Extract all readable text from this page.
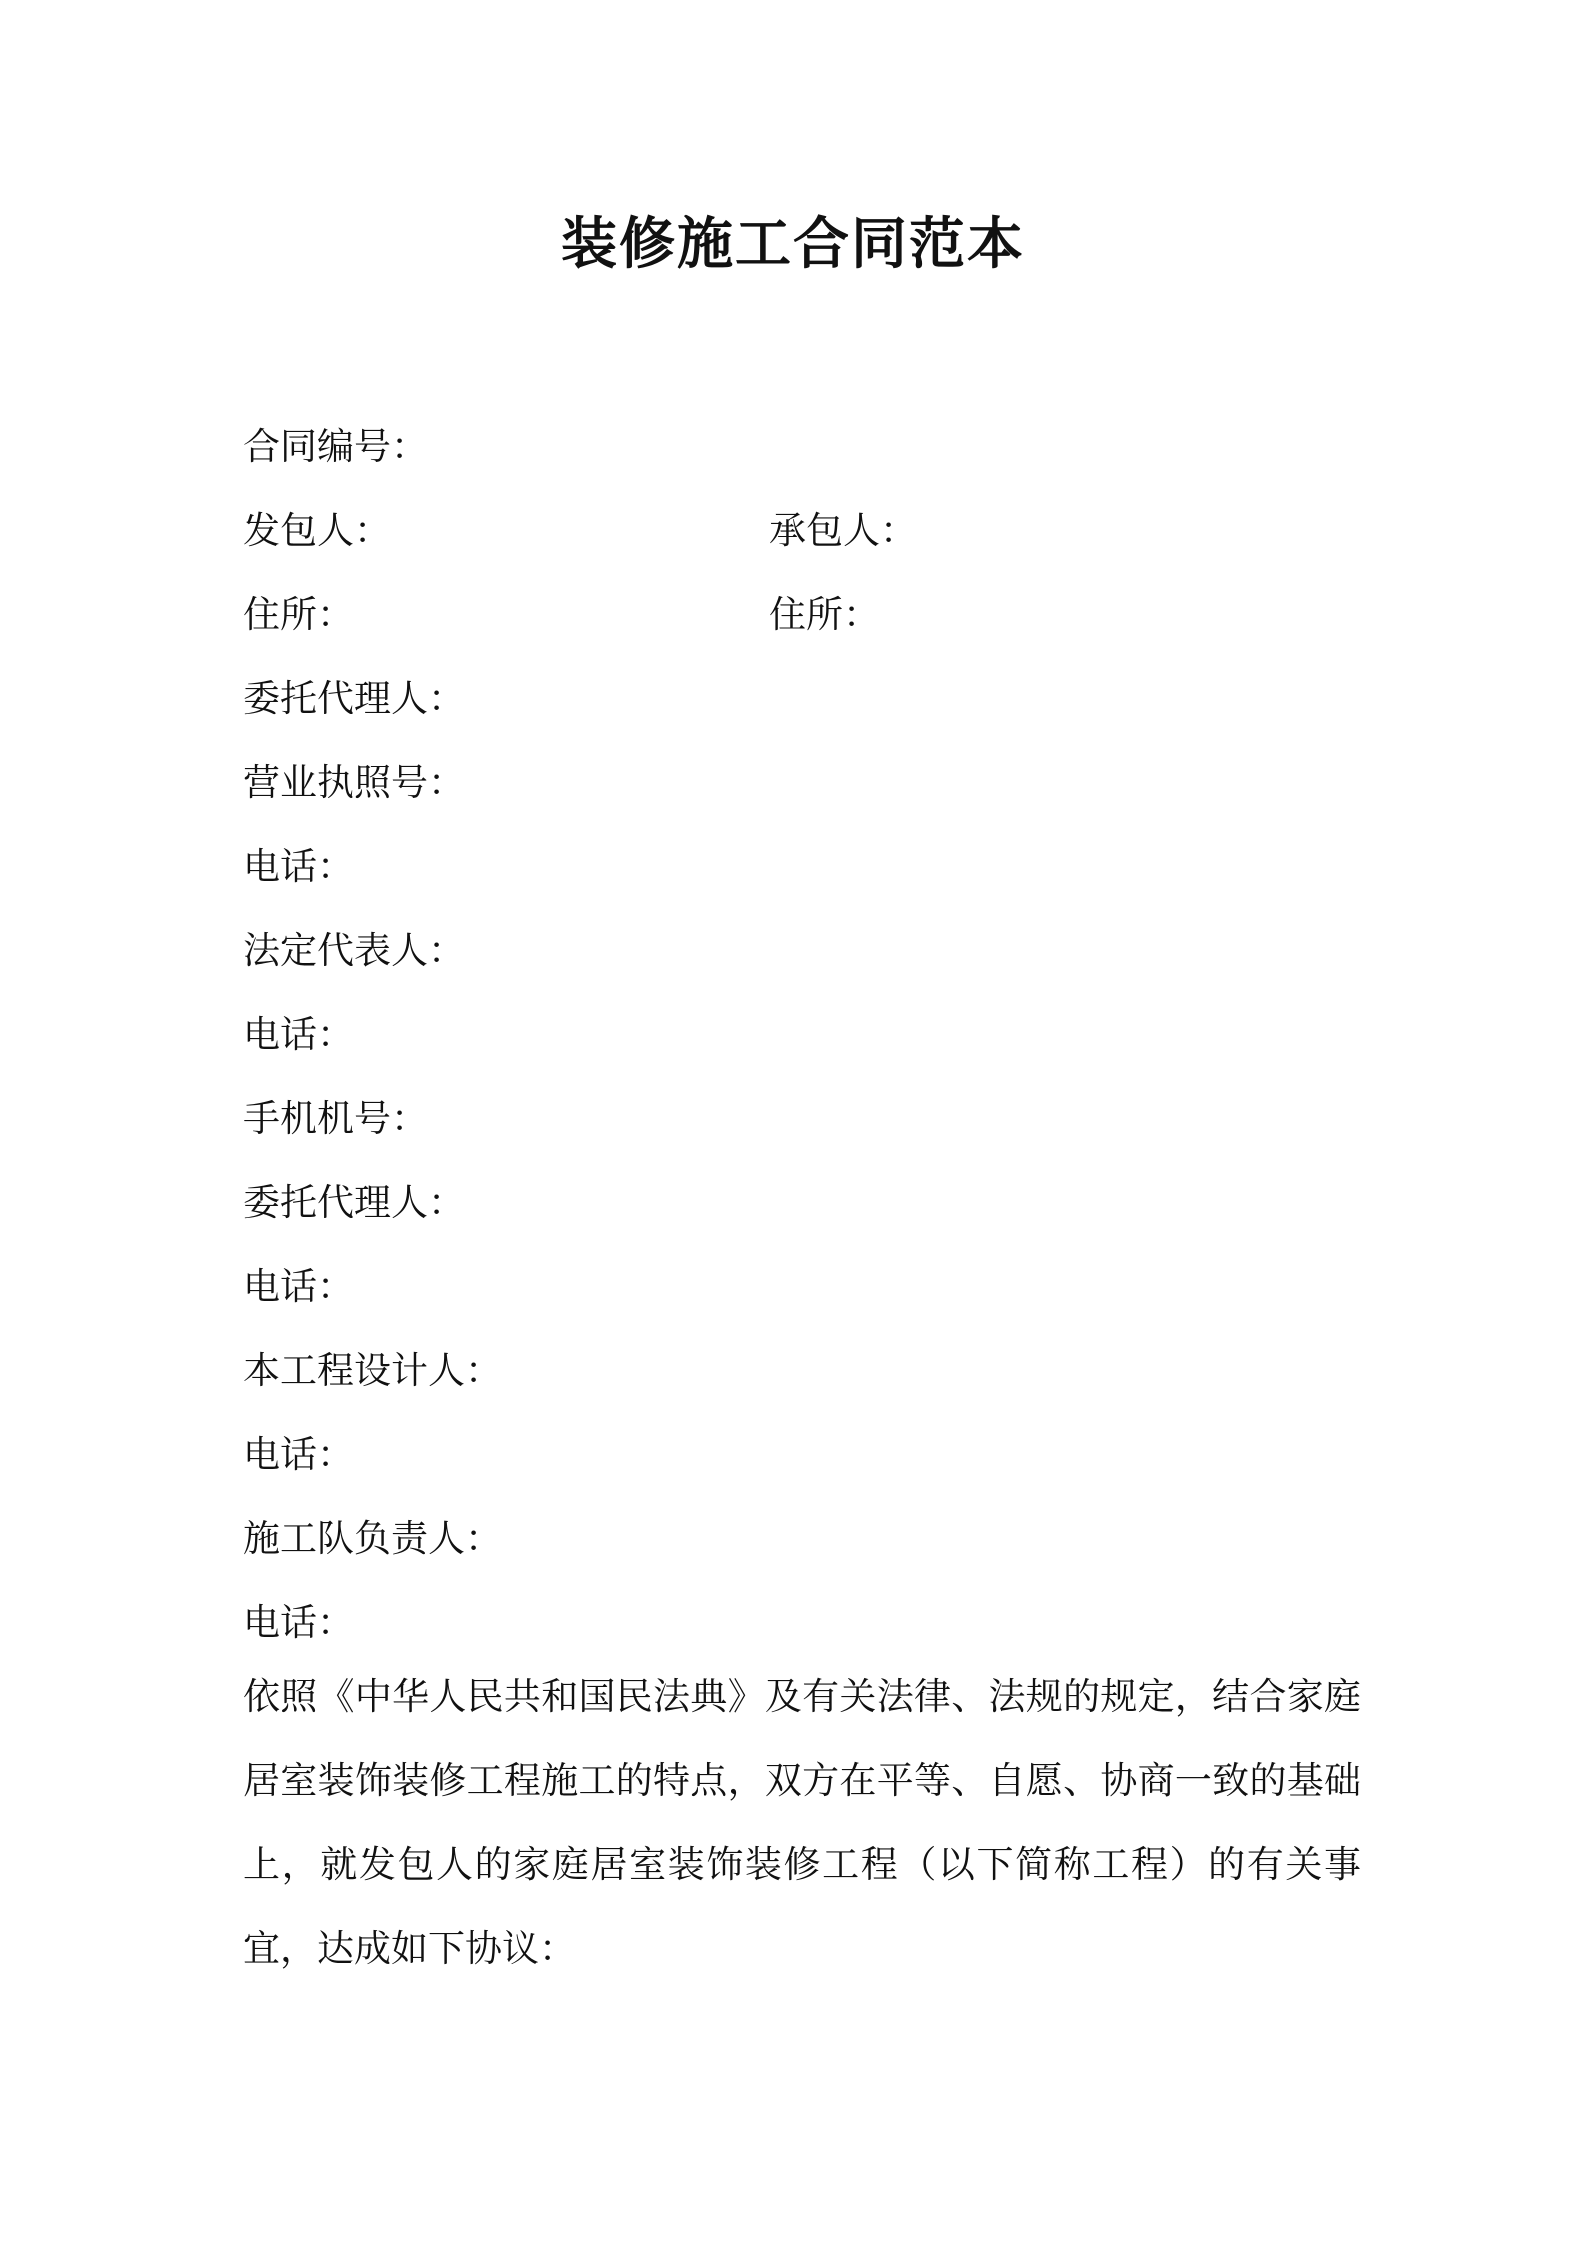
装修施工合同范本
合同编号：
发包人：	承包人：
住所：	住所：
委托代理人：
营业执照号：
电话：
法定代表人：
电话：
手机机号：
委托代理人：
电话：
本工程设计人：
电话：
施工队负责人：
电话：

依照《中华人民共和国民法典》及有关法律、法规的规定，结合家庭居室装饰装修工程施工的特点，双方在平等、自愿、协商一致的基础上，就发包人的家庭居室装饰装修工程（以下简称工程）的有关事宜，达成如下协议：
